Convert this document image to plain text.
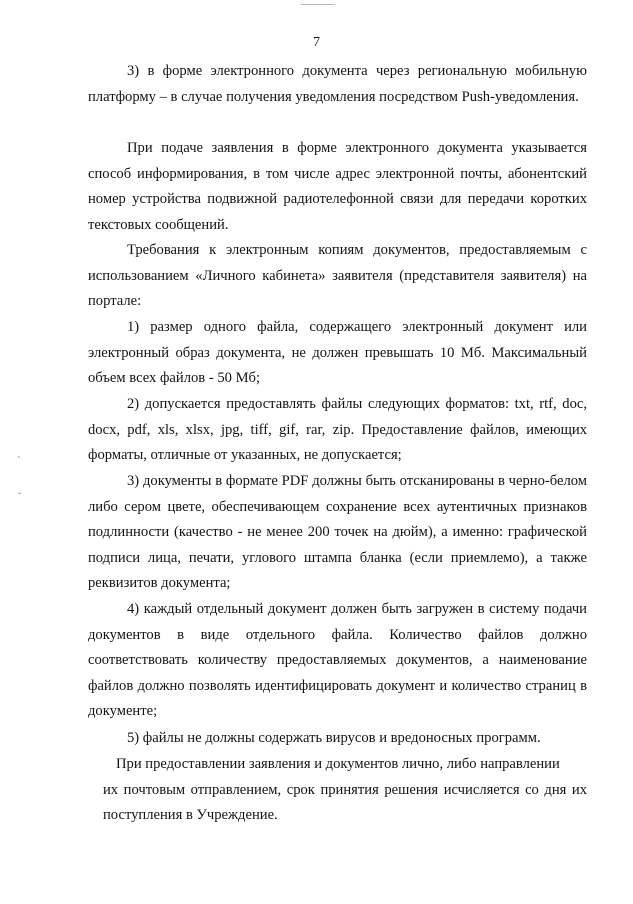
7

3) в форме электронного документа через региональную мобильную платформу – в случае получения уведомления посредством Push-уведомления.

При подаче заявления в форме электронного документа указывается способ информирования, в том числе адрес электронной почты, абонентский номер устройства подвижной радиотелефонной связи для передачи коротких текстовых сообщений.

Требования к электронным копиям документов, предоставляемым с использованием «Личного кабинета» заявителя (представителя заявителя) на портале:

1) размер одного файла, содержащего электронный документ или электронный образ документа, не должен превышать 10 Мб. Максимальный объем всех файлов - 50 Мб;

2) допускается предоставлять файлы следующих форматов: txt, rtf, doc, docx, pdf, xls, xlsx, jpg, tiff, gif, rar, zip. Предоставление файлов, имеющих форматы, отличные от указанных, не допускается;

3) документы в формате PDF должны быть отсканированы в черно-белом либо сером цвете, обеспечивающем сохранение всех аутентичных признаков подлинности (качество - не менее 200 точек на дюйм), а именно: графической подписи лица, печати, углового штампа бланка (если приемлемо), а также реквизитов документа;

4) каждый отдельный документ должен быть загружен в систему подачи документов в виде отдельного файла. Количество файлов должно соответствовать количеству предоставляемых документов, а наименование файлов должно позволять идентифицировать документ и количество страниц в документе;

5) файлы не должны содержать вирусов и вредоносных программ.

При предоставлении заявления и документов лично, либо направлении
их почтовым отправлением, срок принятия решения исчисляется со дня их поступления в Учреждение.

ˎ
ᵕ
